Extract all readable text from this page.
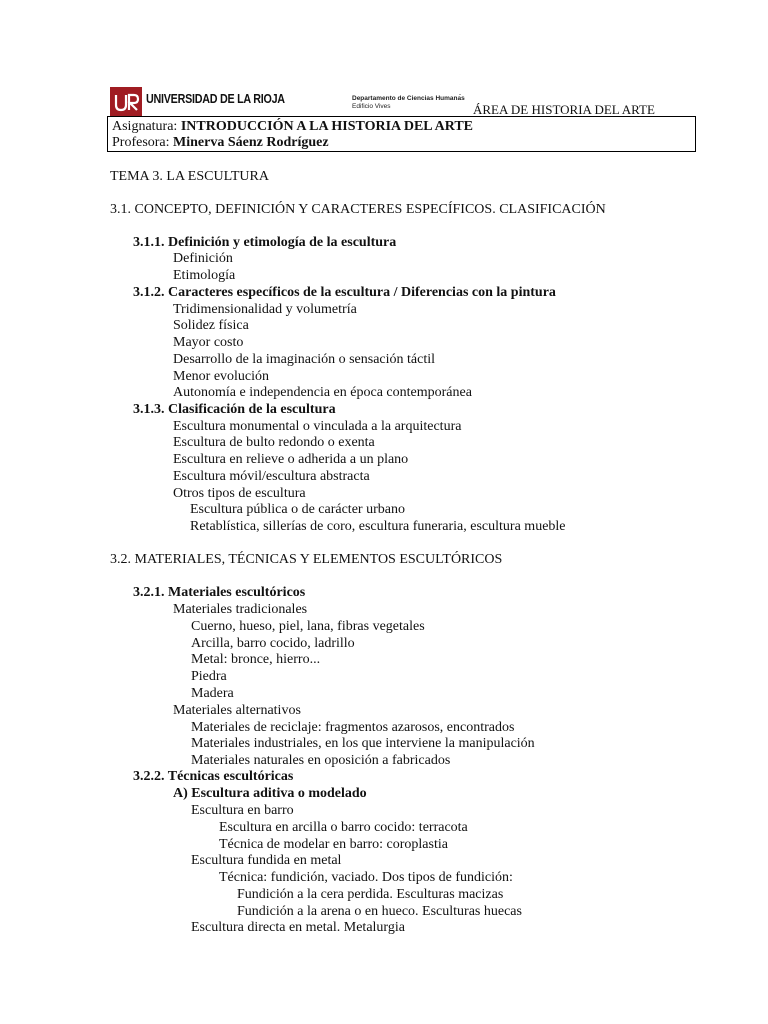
UNIVERSIDAD DE LA RIOJA	Departamento de Ciencias Humanas
Edificio Vives
.
ÁREA DE HISTORIA DEL ARTE
Asignatura: INTRODUCCIÓN A LA HISTORIA DEL ARTE
Profesora: Minerva Sáenz Rodríguez
TEMA 3. LA ESCULTURA
3.1. CONCEPTO, DEFINICIÓN Y CARACTERES ESPECÍFICOS. CLASIFICACIÓN
3.1.1. Definición y etimología de la escultura
Definición
Etimología
3.1.2. Caracteres específicos de la escultura / Diferencias con la pintura
Tridimensionalidad y volumetría
Solidez física
Mayor costo
Desarrollo de la imaginación o sensación táctil
Menor evolución
Autonomía e independencia en época contemporánea
3.1.3. Clasificación de la escultura
Escultura monumental o vinculada a la arquitectura
Escultura de bulto redondo o exenta
Escultura en relieve o adherida a un plano
Escultura móvil/escultura abstracta
Otros tipos de escultura
Escultura pública o de carácter urbano
Retablística, sillerías de coro, escultura funeraria, escultura mueble
3.2. MATERIALES, TÉCNICAS Y ELEMENTOS ESCULTÓRICOS
3.2.1. Materiales escultóricos
Materiales tradicionales
Cuerno, hueso, piel, lana, fibras vegetales
Arcilla, barro cocido, ladrillo
Metal: bronce, hierro...
Piedra
Madera
Materiales alternativos
Materiales de reciclaje: fragmentos azarosos, encontrados
Materiales industriales, en los que interviene la manipulación
Materiales naturales en oposición a fabricados
3.2.2. Técnicas escultóricas
A) Escultura aditiva o modelado
Escultura en barro
Escultura en arcilla o barro cocido: terracota
Técnica de modelar en barro: coroplastia
Escultura fundida en metal
Técnica: fundición, vaciado. Dos tipos de fundición:
Fundición a la cera perdida. Esculturas macizas
Fundición a la arena o en hueco. Esculturas huecas
Escultura directa en metal. Metalurgia
